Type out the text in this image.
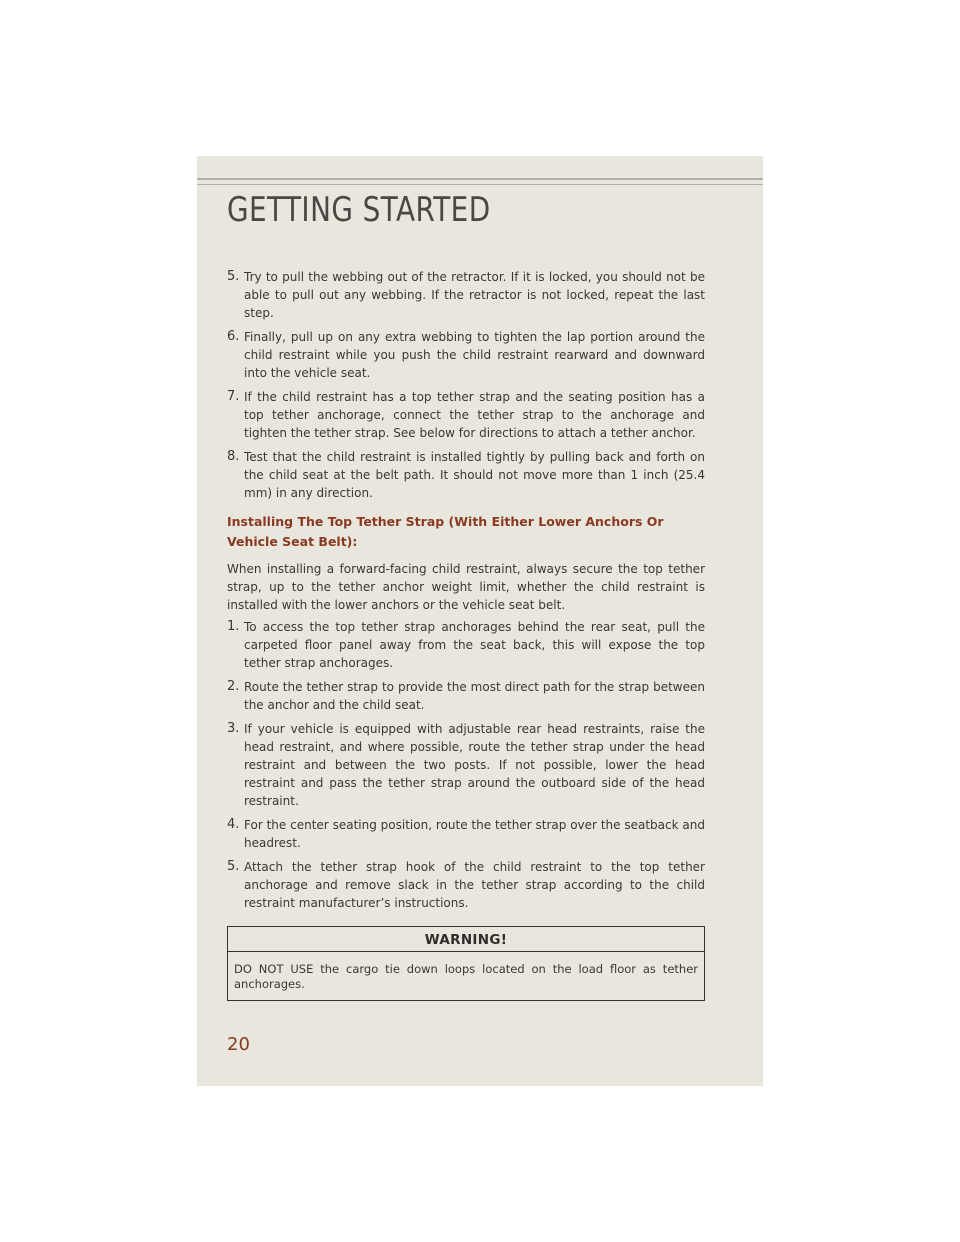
GETTING STARTED
5. Try to pull the webbing out of the retractor. If it is locked, you should not be able to pull out any webbing. If the retractor is not locked, repeat the last step.
6. Finally, pull up on any extra webbing to tighten the lap portion around the child restraint while you push the child restraint rearward and downward into the vehicle seat.
7. If the child restraint has a top tether strap and the seating position has a top tether anchorage, connect the tether strap to the anchorage and tighten the tether strap. See below for directions to attach a tether anchor.
8. Test that the child restraint is installed tightly by pulling back and forth on the child seat at the belt path. It should not move more than 1 inch (25.4 mm) in any direction.
Installing The Top Tether Strap (With Either Lower Anchors Or Vehicle Seat Belt):
When installing a forward-facing child restraint, always secure the top tether strap, up to the tether anchor weight limit, whether the child restraint is installed with the lower anchors or the vehicle seat belt.
1. To access the top tether strap anchorages behind the rear seat, pull the carpeted floor panel away from the seat back, this will expose the top tether strap anchorages.
2. Route the tether strap to provide the most direct path for the strap between the anchor and the child seat.
3. If your vehicle is equipped with adjustable rear head restraints, raise the head restraint, and where possible, route the tether strap under the head restraint and between the two posts. If not possible, lower the head restraint and pass the tether strap around the outboard side of the head restraint.
4. For the center seating position, route the tether strap over the seatback and headrest.
5. Attach the tether strap hook of the child restraint to the top tether anchorage and remove slack in the tether strap according to the child restraint manufacturer’s instructions.
WARNING!
DO NOT USE the cargo tie down loops located on the load floor as tether anchorages.
20
